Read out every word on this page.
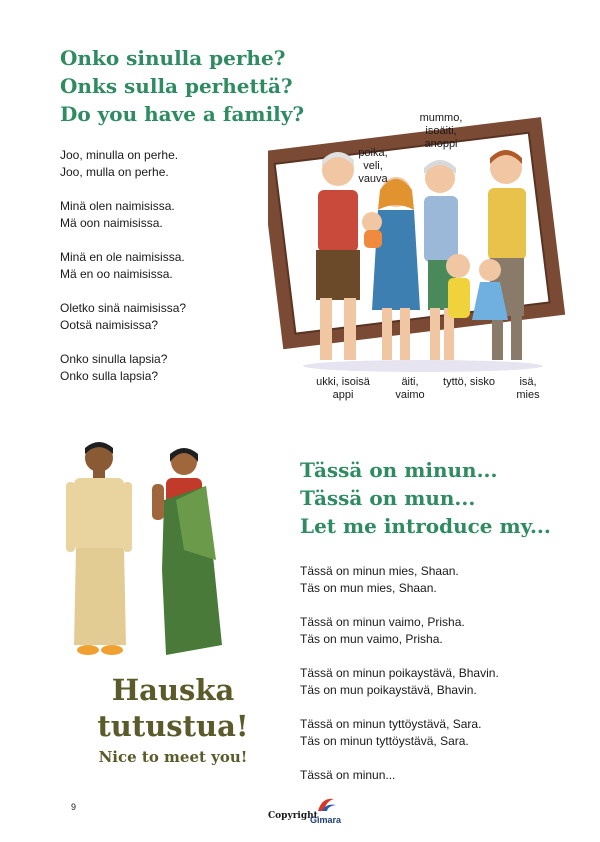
Onko sinulla perhe?
Onks sulla perhettä?
Do you have a family?
Joo, minulla on perhe.
Joo, mulla on perhe.
Minä olen naimisissa.
Mä oon naimisissa.
Minä en ole naimisissa.
Mä en oo naimisissa.
Oletko sinä naimisissa?
Ootsä naimisissa?
Onko sinulla lapsia?
Onko sulla lapsia?
mummo,
isoäiti,
anoppi
poika,
veli,
vauva
ukki, isoisä
appi
äiti,
vaimo
tyttö, sisko	isä,
mies
Tässä on minun...
Tässä on mun...
Let me introduce my...
Tässä on minun mies, Shaan.
Täs on mun mies, Shaan.
Tässä on minun vaimo, Prisha.
Täs on mun vaimo, Prisha.
Tässä on minun poikaystävä, Bhavin.
Täs on mun poikaystävä, Bhavin.
Tässä on minun tyttöystävä, Sara.
Täs on minun tyttöystävä, Sara.
Tässä on minun...
Hauska
tutustua!
Nice to meet you!
9
Copyright
Gimara
